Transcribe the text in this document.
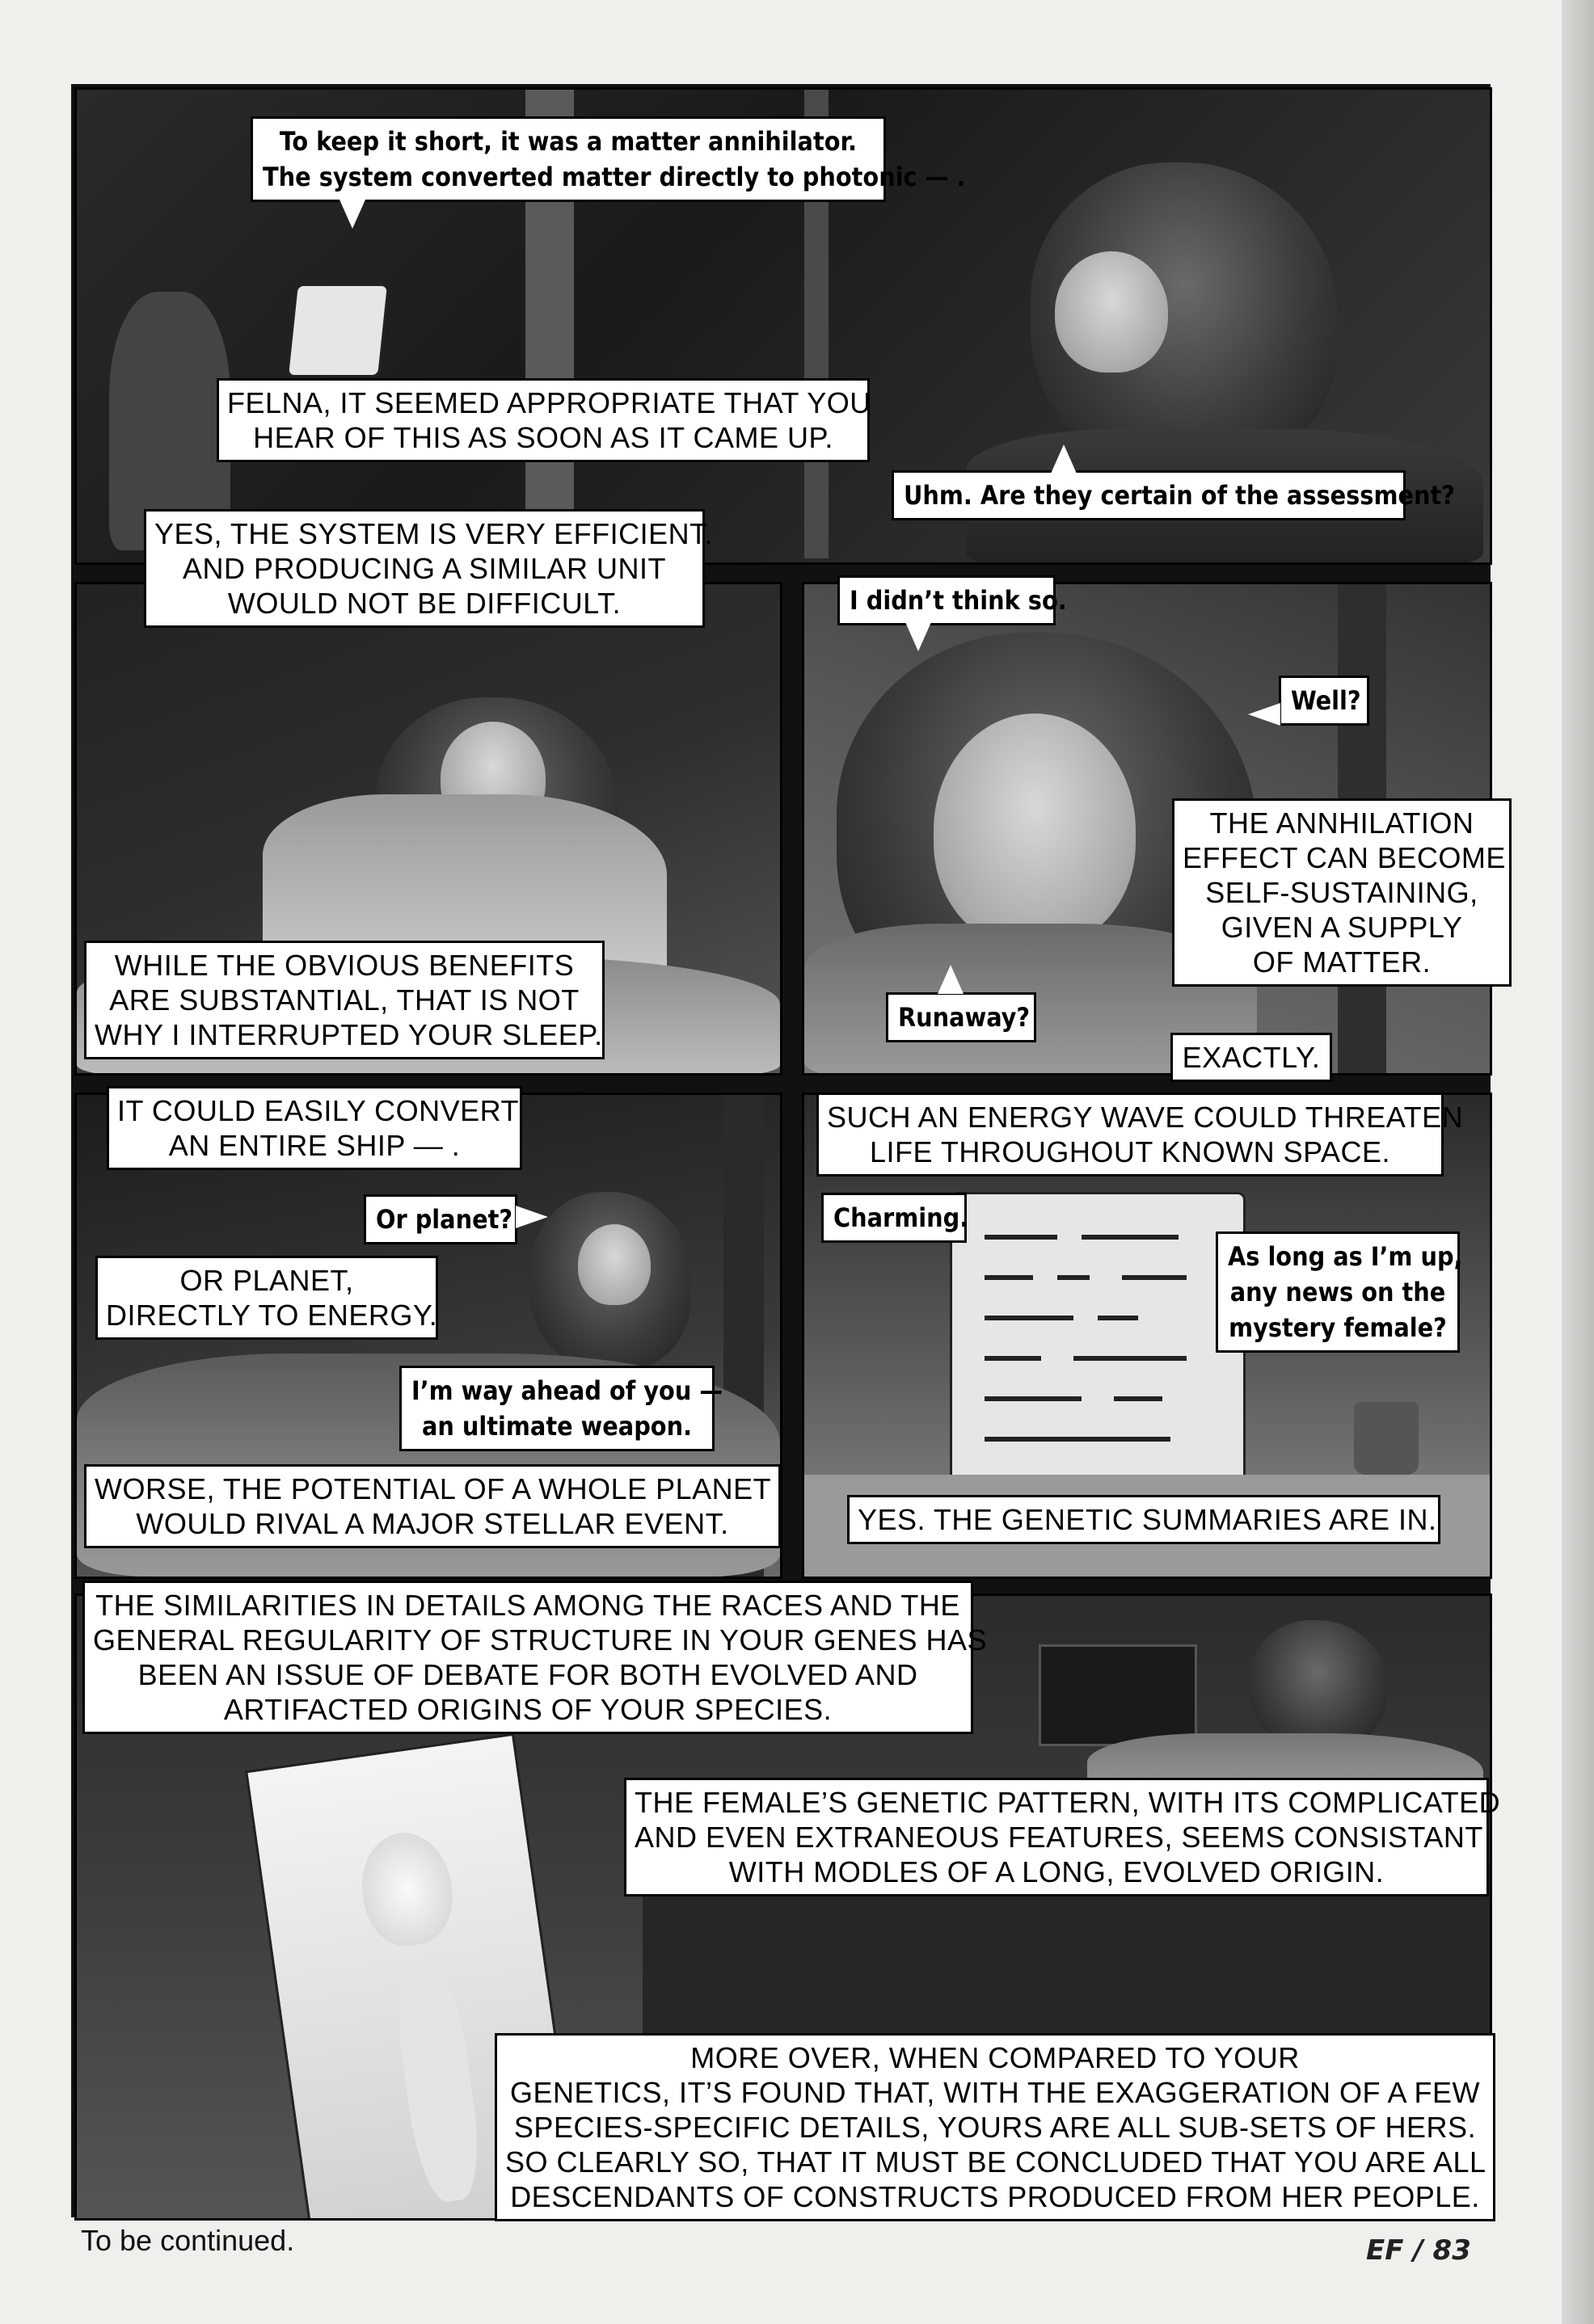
To keep it short, it was a matter annihilator.
The system converted matter directly to photonic — .
FELNA, IT SEEMED APPROPRIATE THAT YOU
HEAR OF THIS AS SOON AS IT CAME UP.
Uhm. Are they certain of the assessment?
YES, THE SYSTEM IS VERY EFFICIENT.
AND PRODUCING A SIMILAR UNIT
WOULD NOT BE DIFFICULT.
WHILE THE OBVIOUS BENEFITS
ARE SUBSTANTIAL, THAT IS NOT
WHY I INTERRUPTED YOUR SLEEP.
I didn’t think so.
Well?
THE ANNHILATION
EFFECT CAN BECOME
SELF-SUSTAINING,
GIVEN A SUPPLY
OF MATTER.
Runaway?
EXACTLY.
IT COULD EASILY CONVERT
AN ENTIRE SHIP — .
Or planet?
OR PLANET,
DIRECTLY TO ENERGY.
I’m way ahead of you —
an ultimate weapon.
WORSE, THE POTENTIAL OF A WHOLE PLANET
WOULD RIVAL A MAJOR STELLAR EVENT.
SUCH AN ENERGY WAVE COULD THREATEN
LIFE THROUGHOUT KNOWN SPACE.
Charming.
As long as I’m up,
any news on the
mystery female?
YES. THE GENETIC SUMMARIES ARE IN.
THE SIMILARITIES IN DETAILS AMONG THE RACES AND THE
GENERAL REGULARITY OF STRUCTURE IN YOUR GENES HAS
BEEN AN ISSUE OF DEBATE FOR BOTH EVOLVED AND
ARTIFACTED ORIGINS OF YOUR SPECIES.
THE FEMALE’S GENETIC PATTERN, WITH ITS COMPLICATED
AND EVEN EXTRANEOUS FEATURES, SEEMS CONSISTANT
WITH MODLES OF A LONG, EVOLVED ORIGIN.
MORE OVER, WHEN COMPARED TO YOUR
GENETICS, IT’S FOUND THAT, WITH THE EXAGGERATION OF A FEW
SPECIES-SPECIFIC DETAILS, YOURS ARE ALL SUB-SETS OF HERS.
SO CLEARLY SO, THAT IT MUST BE CONCLUDED THAT YOU ARE ALL
DESCENDANTS OF CONSTRUCTS PRODUCED FROM HER PEOPLE.
To be continued.	EF / 83
